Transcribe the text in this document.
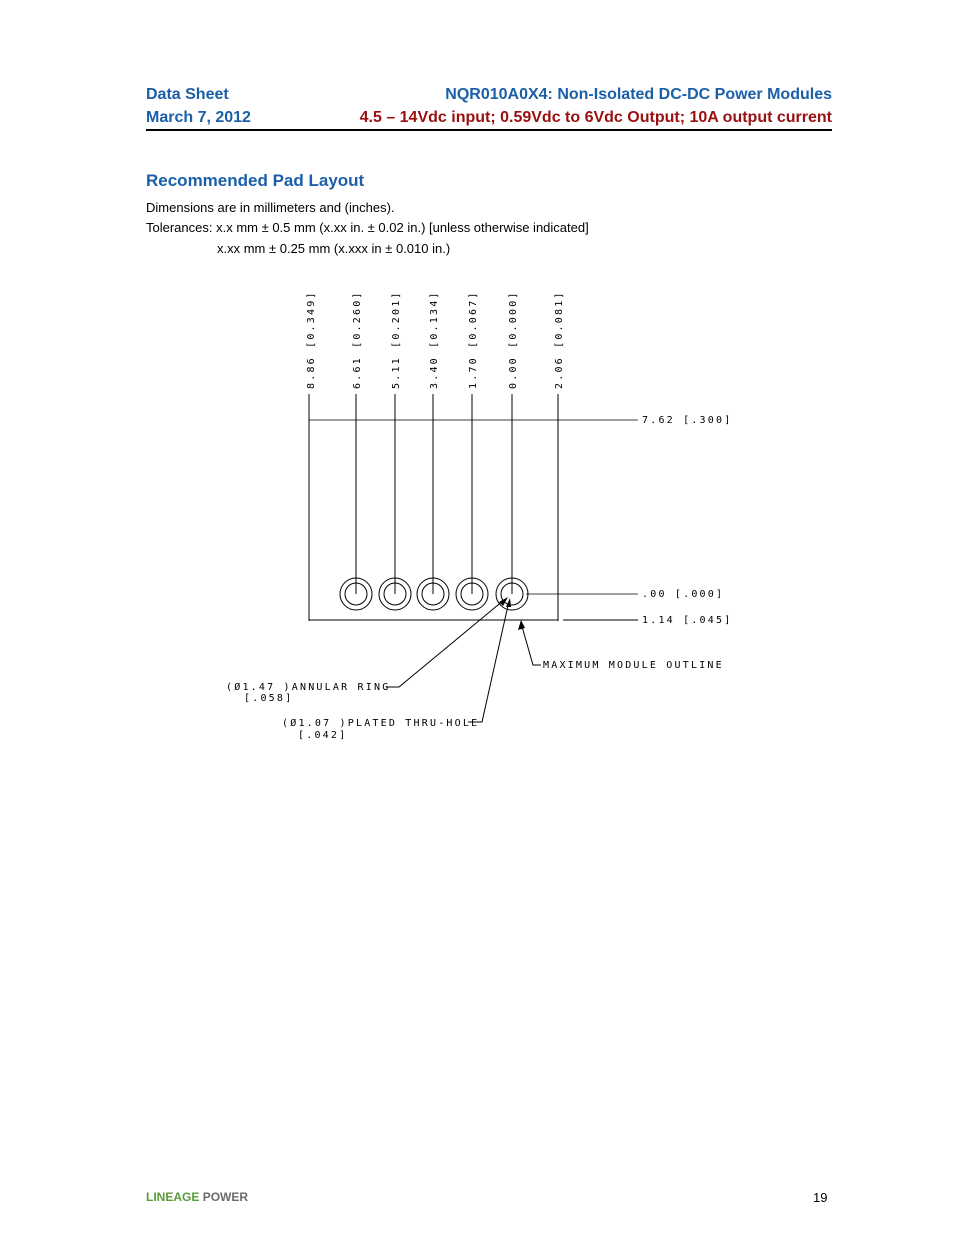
Data Sheet
March 7, 2012
NQR010A0X4: Non-Isolated DC-DC Power Modules
4.5 – 14Vdc input; 0.59Vdc to 6Vdc Output; 10A output current
Recommended Pad Layout
Dimensions are in millimeters and (inches).
Tolerances: x.x mm ± 0.5 mm (x.xx in. ± 0.02 in.) [unless otherwise indicated]
x.xx mm ± 0.25 mm (x.xxx in ± 0.010 in.)
8.86 [0.349]	6.61 [0.260]	5.11 [0.201]	3.40 [0.134]	1.70 [0.067]	0.00 [0.000]	2.06 [0.081]
7.62 [.300]
.00 [.000]
1.14 [.045]
MAXIMUM MODULE OUTLINE
(Ø1.47 )ANNULAR RING
[.058]
(Ø1.07 )PLATED THRU-HOLE
[.042]
LINEAGE POWER	19
